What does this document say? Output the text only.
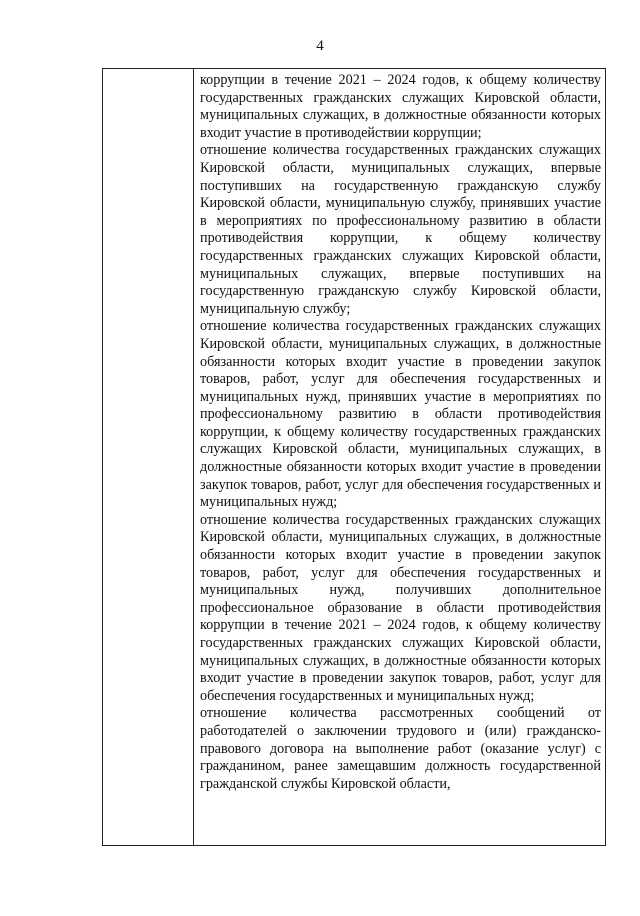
4

коррупции в течение 2021 – 2024 годов, к общему количеству государственных гражданских служащих Кировской области, муниципальных служащих, в должностные обязанности которых входит участие в противодействии коррупции;

отношение количества государственных гражданских служащих Кировской области, муниципальных служащих, впервые поступивших на государственную гражданскую службу Кировской области, муниципальную службу, принявших участие в мероприятиях по профессиональному развитию в области противодействия коррупции, к общему количеству государственных гражданских служащих Кировской области, муниципальных служащих, впервые поступивших на государственную гражданскую службу Кировской области, муниципальную службу;

отношение количества государственных гражданских служащих Кировской области, муниципальных служащих, в должностные обязанности которых входит участие в проведении закупок товаров, работ, услуг для обеспечения государственных и муниципальных нужд, принявших участие в мероприятиях по профессиональному развитию в области противодействия коррупции, к общему количеству государственных гражданских служащих Кировской области, муниципальных служащих, в должностные обязанности которых входит участие в проведении закупок товаров, работ, услуг для обеспечения государственных и муниципальных нужд;

отношение количества государственных гражданских служащих Кировской области, муниципальных служащих, в должностные обязанности которых входит участие в проведении закупок товаров, работ, услуг для обеспечения государственных и муниципальных нужд, получивших дополнительное профессиональное образование в области противодействия коррупции в течение 2021 – 2024 годов, к общему количеству государственных гражданских служащих Кировской области, муниципальных служащих, в должностные обязанности которых входит участие в проведении закупок товаров, работ, услуг для обеспечения государственных и муниципальных нужд;

отношение количества рассмотренных сообщений от работодателей о заключении трудового и (или) гражданско-правового договора на выполнение работ (оказание услуг) с гражданином, ранее замещавшим должность государственной гражданской службы Кировской области,
